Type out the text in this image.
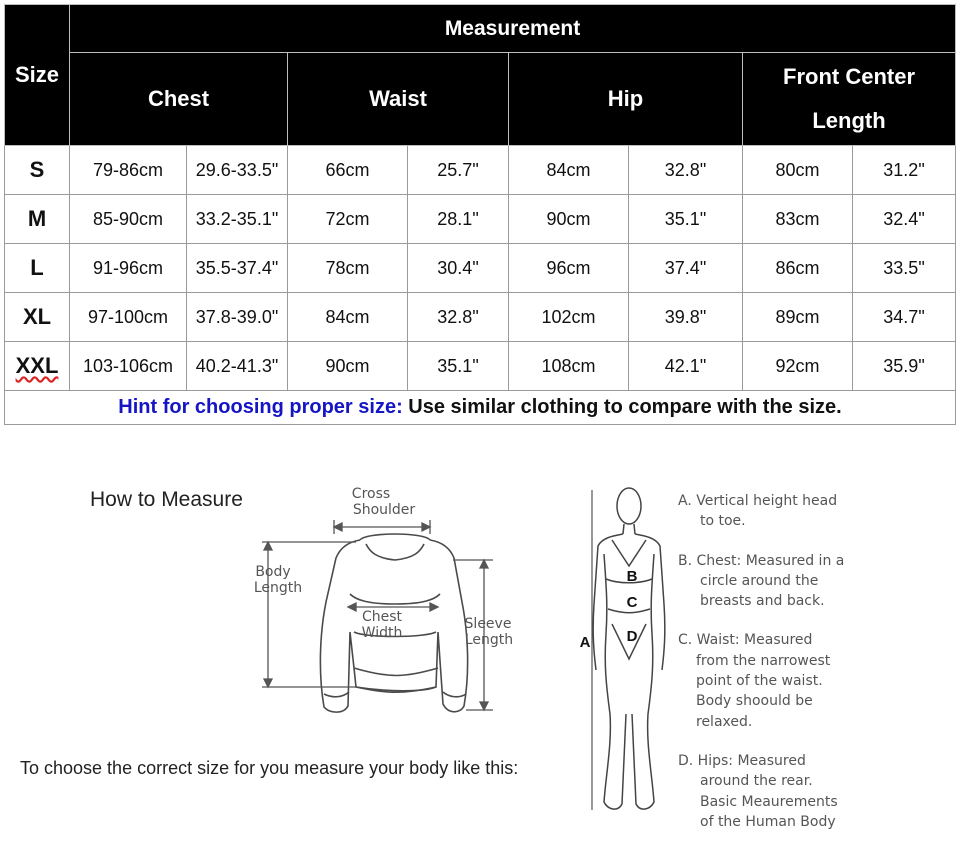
Size	Measurement							
	Chest		Waist		Hip		Front Center
Length	

S	79-86cm	29.6-33.5"	66cm	25.7"	84cm	32.8"	80cm	31.2"
M	85-90cm	33.2-35.1"	72cm	28.1"	90cm	35.1"	83cm	32.4"
L	91-96cm	35.5-37.4"	78cm	30.4"	96cm	37.4"	86cm	33.5"
XL	97-100cm	37.8-39.0"	84cm	32.8"	102cm	39.8"	89cm	34.7"
XXL	103-106cm	40.2-41.3"	90cm	35.1"	108cm	42.1"	92cm	35.9"
Hint for choosing proper size: Use similar clothing to compare with the size.								
How to Measure
To choose the correct size for you measure your body like this:
Cross
Shoulder
Body
Length
Chest
Width
Sleeve
Length
B
C
D
A
A. Vertical height head
to toe.
B. Chest: Measured in a
circle around the
breasts and back.
C. Waist: Measured
from the narrowest
point of the waist.
Body shoould be
relaxed.
D. Hips: Measured
around the rear.
Basic Meaurements
of the Human Body
